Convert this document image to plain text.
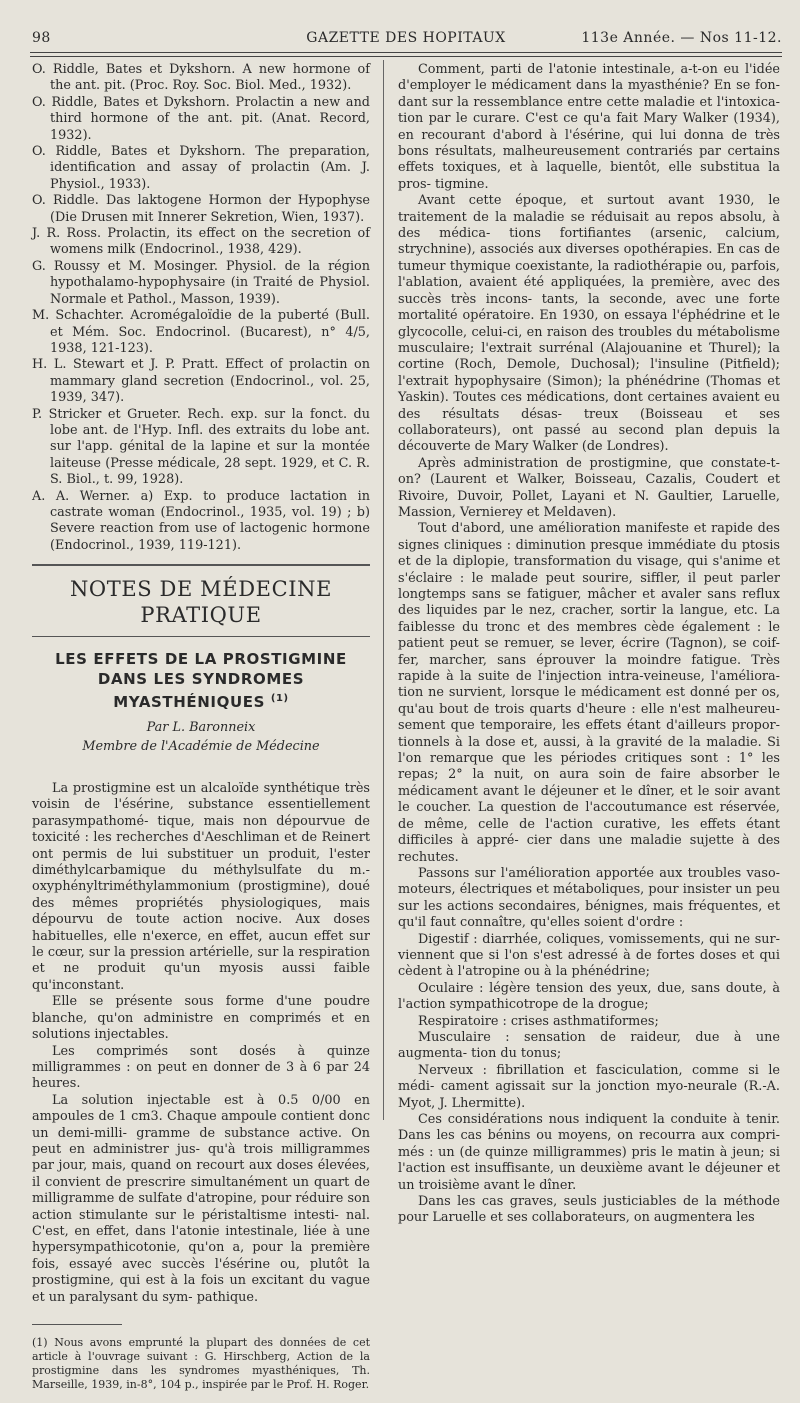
98	GAZETTE DES HOPITAUX	113e Année. — Nos 11-12.

O. Riddle, Bates et Dykshorn. A new hormone of the ant. pit. (Proc. Roy. Soc. Biol. Med., 1932).

O. Riddle, Bates et Dykshorn. Prolactin a new and third hormone of the ant. pit. (Anat. Record, 1932).

O. Riddle, Bates et Dykshorn. The preparation, identification and assay of prolactin (Am. J. Physiol., 1933).

O. Riddle. Das laktogene Hormon der Hypophyse (Die Drusen mit Innerer Sekretion, Wien, 1937).

J. R. Ross. Prolactin, its effect on the secretion of womens milk (Endocrinol., 1938, 429).

G. Roussy et M. Mosinger. Physiol. de la région hypothalamo-hypophysaire (in Traité de Physiol. Normale et Pathol., Masson, 1939).

M. Schachter. Acromégaloïdie de la puberté (Bull. et Mém. Soc. Endocrinol. (Bucarest), n° 4/5, 1938, 121-123).

H. L. Stewart et J. P. Pratt. Effect of prolactin on mammary gland secretion (Endocrinol., vol. 25, 1939, 347).

P. Stricker et Grueter. Rech. exp. sur la fonct. du lobe ant. de l'Hyp. Infl. des extraits du lobe ant. sur l'app. génital de la lapine et sur la montée laiteuse (Presse médicale, 28 sept. 1929, et C. R. S. Biol., t. 99, 1928).

A. A. Werner. a) Exp. to produce lactation in castrate woman (Endocrinol., 1935, vol. 19) ; b) Severe reaction from use of lactogenic hormone (Endocrinol., 1939, 119-121).

NOTES DE MÉDECINE PRATIQUE
LES EFFETS DE LA PROSTIGMINE
DANS LES SYNDROMES MYASTHÉNIQUES $^{(1)}$
Par L. Baronneix
Membre de l'Académie de Médecine

La prostigmine est un alcaloïde synthétique très voisin de l'ésérine, substance essentiellement parasympathomé- tique, mais non dépourvue de toxicité : les recherches d'Aeschliman et de Reinert ont permis de lui substituer un produit, l'ester diméthylcarbamique du méthylsulfate du m.-oxyphényltriméthylammonium (prostigmine), doué des mêmes propriétés physiologiques, mais dépourvu de toute action nocive. Aux doses habituelles, elle n'exerce, en effet, aucun effet sur le cœur, sur la pression artérielle, sur la respiration et ne produit qu'un myosis aussi faible qu'inconstant.

Elle se présente sous forme d'une poudre blanche, qu'on administre en comprimés et en solutions injectables.

Les comprimés sont dosés à quinze milligrammes : on peut en donner de 3 à 6 par 24 heures.

La solution injectable est à 0.5 0/00 en ampoules de 1 cm3. Chaque ampoule contient donc un demi-milli- gramme de substance active. On peut en administrer jus- qu'à trois milligrammes par jour, mais, quand on recourt aux doses élevées, il convient de prescrire simultanément un quart de milligramme de sulfate d'atropine, pour réduire son action stimulante sur le péristaltisme intesti- nal. C'est, en effet, dans l'atonie intestinale, liée à une hypersympathicotonie, qu'on a, pour la première fois, essayé avec succès l'ésérine ou, plutôt la prostigmine, qui est à la fois un excitant du vague et un paralysant du sym- pathique.

(1) Nous avons emprunté la plupart des données de cet article à l'ouvrage suivant : G. Hirschberg, Action de la prostigmine dans les syndromes myasthéniques, Th. Marseille, 1939, in-8°, 104 p., inspirée par le Prof. H. Roger.

Comment, parti de l'atonie intestinale, a-t-on eu l'idée d'employer le médicament dans la myasthénie? En se fon- dant sur la ressemblance entre cette maladie et l'intoxica- tion par le curare. C'est ce qu'a fait Mary Walker (1934), en recourant d'abord à l'ésérine, qui lui donna de très bons résultats, malheureusement contrariés par certains effets toxiques, et à laquelle, bientôt, elle substitua la pros- tigmine.

Avant cette époque, et surtout avant 1930, le traitement de la maladie se réduisait au repos absolu, à des médica- tions fortifiantes (arsenic, calcium, strychnine), associés aux diverses opothérapies. En cas de tumeur thymique coexistante, la radiothérapie ou, parfois, l'ablation, avaient été appliquées, la première, avec des succès très incons- tants, la seconde, avec une forte mortalité opératoire. En 1930, on essaya l'éphédrine et le glycocolle, celui-ci, en raison des troubles du métabolisme musculaire; l'extrait surrénal (Alajouanine et Thurel); la cortine (Roch, Demole, Duchosal); l'insuline (Pitfield); l'extrait hypophysaire (Simon); la phénédrine (Thomas et Yaskin). Toutes ces médications, dont certaines avaient eu des résultats désas- treux (Boisseau et ses collaborateurs), ont passé au second plan depuis la découverte de Mary Walker (de Londres).

Après administration de prostigmine, que constate-t-on? (Laurent et Walker, Boisseau, Cazalis, Coudert et Rivoire, Duvoir, Pollet, Layani et N. Gaultier, Laruelle, Massion, Vernierey et Meldaven).

Tout d'abord, une amélioration manifeste et rapide des signes cliniques : diminution presque immédiate du ptosis et de la diplopie, transformation du visage, qui s'anime et s'éclaire : le malade peut sourire, siffler, il peut parler longtemps sans se fatiguer, mâcher et avaler sans reflux des liquides par le nez, cracher, sortir la langue, etc. La faiblesse du tronc et des membres cède également : le patient peut se remuer, se lever, écrire (Tagnon), se coif- fer, marcher, sans éprouver la moindre fatigue. Très rapide à la suite de l'injection intra-veineuse, l'améliora- tion ne survient, lorsque le médicament est donné per os, qu'au bout de trois quarts d'heure : elle n'est malheureu- sement que temporaire, les effets étant d'ailleurs propor- tionnels à la dose et, aussi, à la gravité de la maladie. Si l'on remarque que les périodes critiques sont : 1° les repas; 2° la nuit, on aura soin de faire absorber le médicament avant le déjeuner et le dîner, et le soir avant le coucher. La question de l'accoutumance est réservée, de même, celle de l'action curative, les effets étant difficiles à appré- cier dans une maladie sujette à des rechutes.

Passons sur l'amélioration apportée aux troubles vaso- moteurs, électriques et métaboliques, pour insister un peu sur les actions secondaires, bénignes, mais fréquentes, et qu'il faut connaître, qu'elles soient d'ordre :

Digestif : diarrhée, coliques, vomissements, qui ne sur- viennent que si l'on s'est adressé à de fortes doses et qui cèdent à l'atropine ou à la phénédrine;

Oculaire : légère tension des yeux, due, sans doute, à l'action sympathicotrope de la drogue;

Respiratoire : crises asthmatiformes;

Musculaire : sensation de raideur, due à une augmenta- tion du tonus;

Nerveux : fibrillation et fasciculation, comme si le médi- cament agissait sur la jonction myo-neurale (R.-A. Myot, J. Lhermitte).

Ces considérations nous indiquent la conduite à tenir. Dans les cas bénins ou moyens, on recourra aux compri- més : un (de quinze milligrammes) pris le matin à jeun; si l'action est insuffisante, un deuxième avant le déjeuner et un troisième avant le dîner.

Dans les cas graves, seuls justiciables de la méthode pour Laruelle et ses collaborateurs, on augmentera les
